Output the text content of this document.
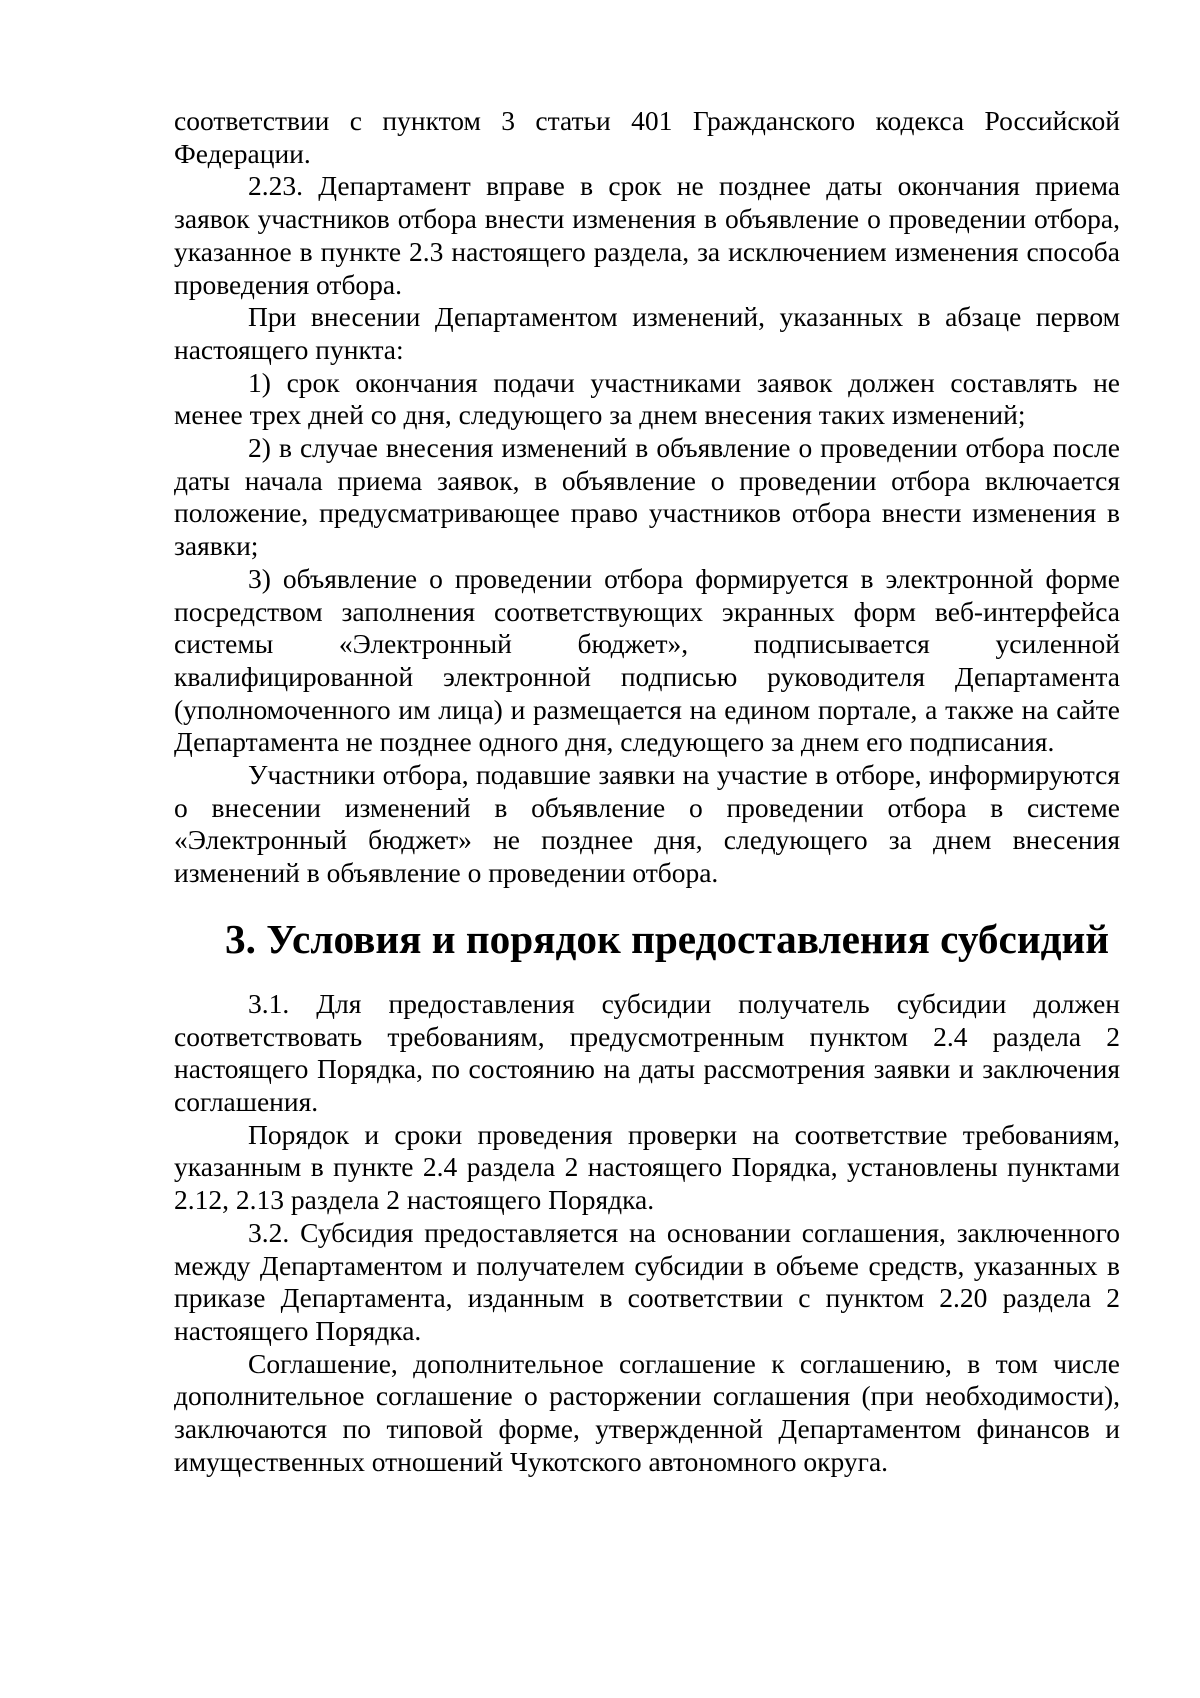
соответствии с пунктом 3 статьи 401 Гражданского кодекса Российской Федерации.

2.23. Департамент вправе в срок не позднее даты окончания приема заявок участников отбора внести изменения в объявление о проведении отбора, указанное в пункте 2.3 настоящего раздела, за исключением изменения способа проведения отбора.

При внесении Департаментом изменений, указанных в абзаце первом настоящего пункта:

1) срок окончания подачи участниками заявок должен составлять не менее трех дней со дня, следующего за днем внесения таких изменений;

2) в случае внесения изменений в объявление о проведении отбора после даты начала приема заявок, в объявление о проведении отбора включается положение, предусматривающее право участников отбора внести изменения в заявки;

3) объявление о проведении отбора формируется в электронной форме посредством заполнения соответствующих экранных форм веб-интерфейса системы «Электронный бюджет», подписывается усиленной квалифицированной электронной подписью руководителя Департамента (уполномоченного им лица) и размещается на едином портале, а также на сайте Департамента не позднее одного дня, следующего за днем его подписания.

Участники отбора, подавшие заявки на участие в отборе, информируются о внесении изменений в объявление о проведении отбора в системе «Электронный бюджет» не позднее дня, следующего за днем внесения изменений в объявление о проведении отбора.

3. Условия и порядок предоставления субсидий

3.1. Для предоставления субсидии получатель субсидии должен соответствовать требованиям, предусмотренным пунктом 2.4 раздела 2 настоящего Порядка, по состоянию на даты рассмотрения заявки и заключения соглашения.

Порядок и сроки проведения проверки на соответствие требованиям, указанным в пункте 2.4 раздела 2 настоящего Порядка, установлены пунктами 2.12, 2.13 раздела 2 настоящего Порядка.

3.2. Субсидия предоставляется на основании соглашения, заключенного между Департаментом и получателем субсидии в объеме средств, указанных в приказе Департамента, изданным в соответствии с пунктом 2.20 раздела 2 настоящего Порядка.

Соглашение, дополнительное соглашение к соглашению, в том числе дополнительное соглашение о расторжении соглашения (при необходимости), заключаются по типовой форме, утвержденной Департаментом финансов и имущественных отношений Чукотского автономного округа.
